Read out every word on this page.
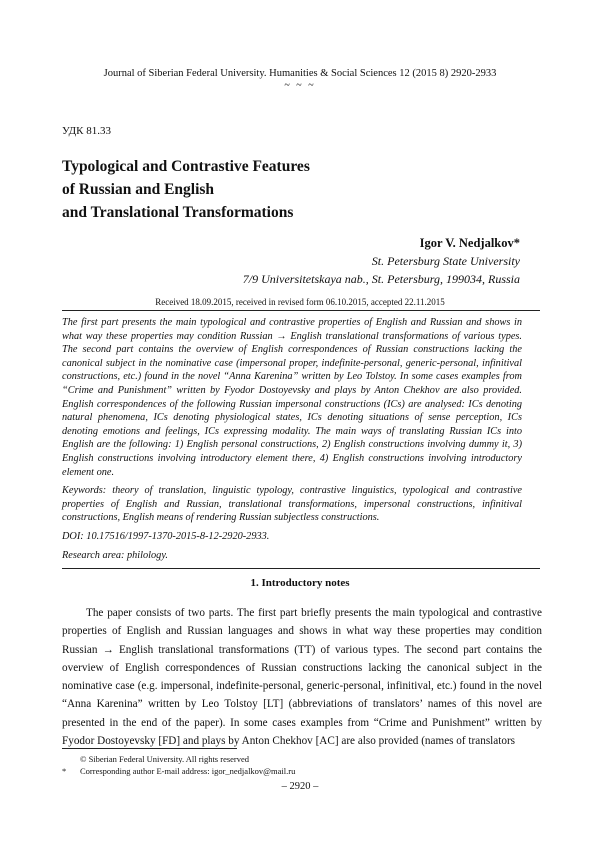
Journal of Siberian Federal University. Humanities & Social Sciences 12 (2015 8) 2920-2933
~ ~ ~
УДК 81.33
Typological and Contrastive Features
of Russian and English
and Translational Transformations
Igor V. Nedjalkov*
St. Petersburg State University
7/9 Universitetskaya nab., St. Petersburg, 199034, Russia
Received 18.09.2015, received in revised form 06.10.2015, accepted 22.11.2015

The first part presents the main typological and contrastive properties of English and Russian and shows in what way these properties may condition Russian → English translational transformations of various types. The second part contains the overview of English correspondences of Russian constructions lacking the canonical subject in the nominative case (impersonal proper, indefinite-personal, generic-personal, infinitival constructions, etc.) found in the novel “Anna Karenina” written by Leo Tolstoy. In some cases examples from “Crime and Punishment” written by Fyodor Dostoyevsky and plays by Anton Chekhov are also provided. English correspondences of the following Russian impersonal constructions (ICs) are analysed: ICs denoting natural phenomena, ICs denoting physiological states, ICs denoting situations of sense perception, ICs denoting emotions and feelings, ICs expressing modality. The main ways of translating Russian ICs into English are the following: 1) English personal constructions, 2) English constructions involving dummy it, 3) English constructions involving introductory element there, 4) English constructions involving introductory element one.

Keywords: theory of translation, linguistic typology, contrastive linguistics, typological and contrastive properties of English and Russian, translational transformations, impersonal constructions, infinitival constructions, English means of rendering Russian subjectless constructions.

DOI: 10.17516/1997-1370-2015-8-12-2920-2933.

Research area: philology.

1. Introductory notes

The paper consists of two parts. The first part briefly presents the main typological and contrastive properties of English and Russian languages and shows in what way these properties may condition Russian → English translational transformations (TT) of various types. The second part contains the overview of English correspondences of Russian constructions lacking the canonical subject in the nominative case (e.g. impersonal, indefinite-personal, generic-personal, infinitival, etc.) found in the novel “Anna Karenina” written by Leo Tolstoy [LT] (abbreviations of translators’ names of this novel are presented in the end of the paper). In some cases examples from “Crime and Punishment” written by Fyodor Dostoyevsky [FD] and plays by Anton Chekhov [AC] are also provided (names of translators

© Siberian Federal University. All rights reserved
* Corresponding author E-mail address: igor_nedjalkov@mail.ru
– 2920 –
